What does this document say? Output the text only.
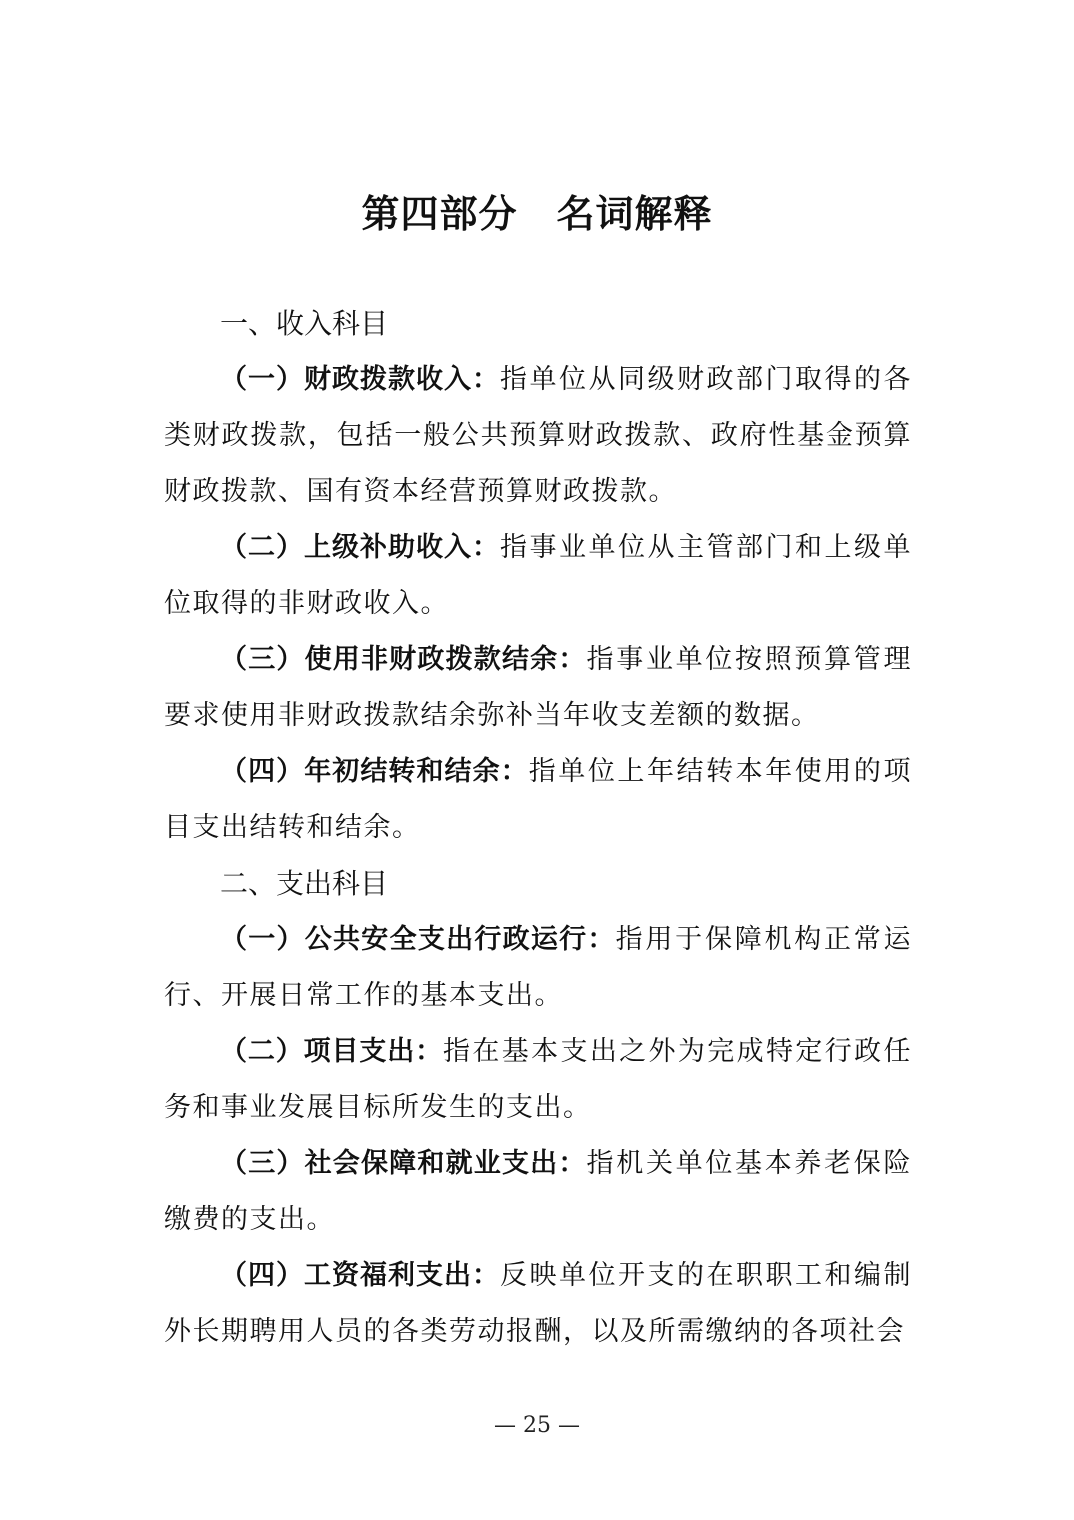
第四部分　名词解释

一、收入科目

（一）财政拨款收入：指单位从同级财政部门取得的各类财政拨款，包括一般公共预算财政拨款、政府性基金预算财政拨款、国有资本经营预算财政拨款。

（二）上级补助收入：指事业单位从主管部门和上级单位取得的非财政收入。

（三）使用非财政拨款结余：指事业单位按照预算管理要求使用非财政拨款结余弥补当年收支差额的数据。

（四）年初结转和结余：指单位上年结转本年使用的项目支出结转和结余。

二、支出科目

（一）公共安全支出行政运行：指用于保障机构正常运行、开展日常工作的基本支出。

（二）项目支出：指在基本支出之外为完成特定行政任务和事业发展目标所发生的支出。

（三）社会保障和就业支出：指机关单位基本养老保险缴费的支出。

（四）工资福利支出：反映单位开支的在职职工和编制外长期聘用人员的各类劳动报酬，以及所需缴纳的各项社会

— 25 —
